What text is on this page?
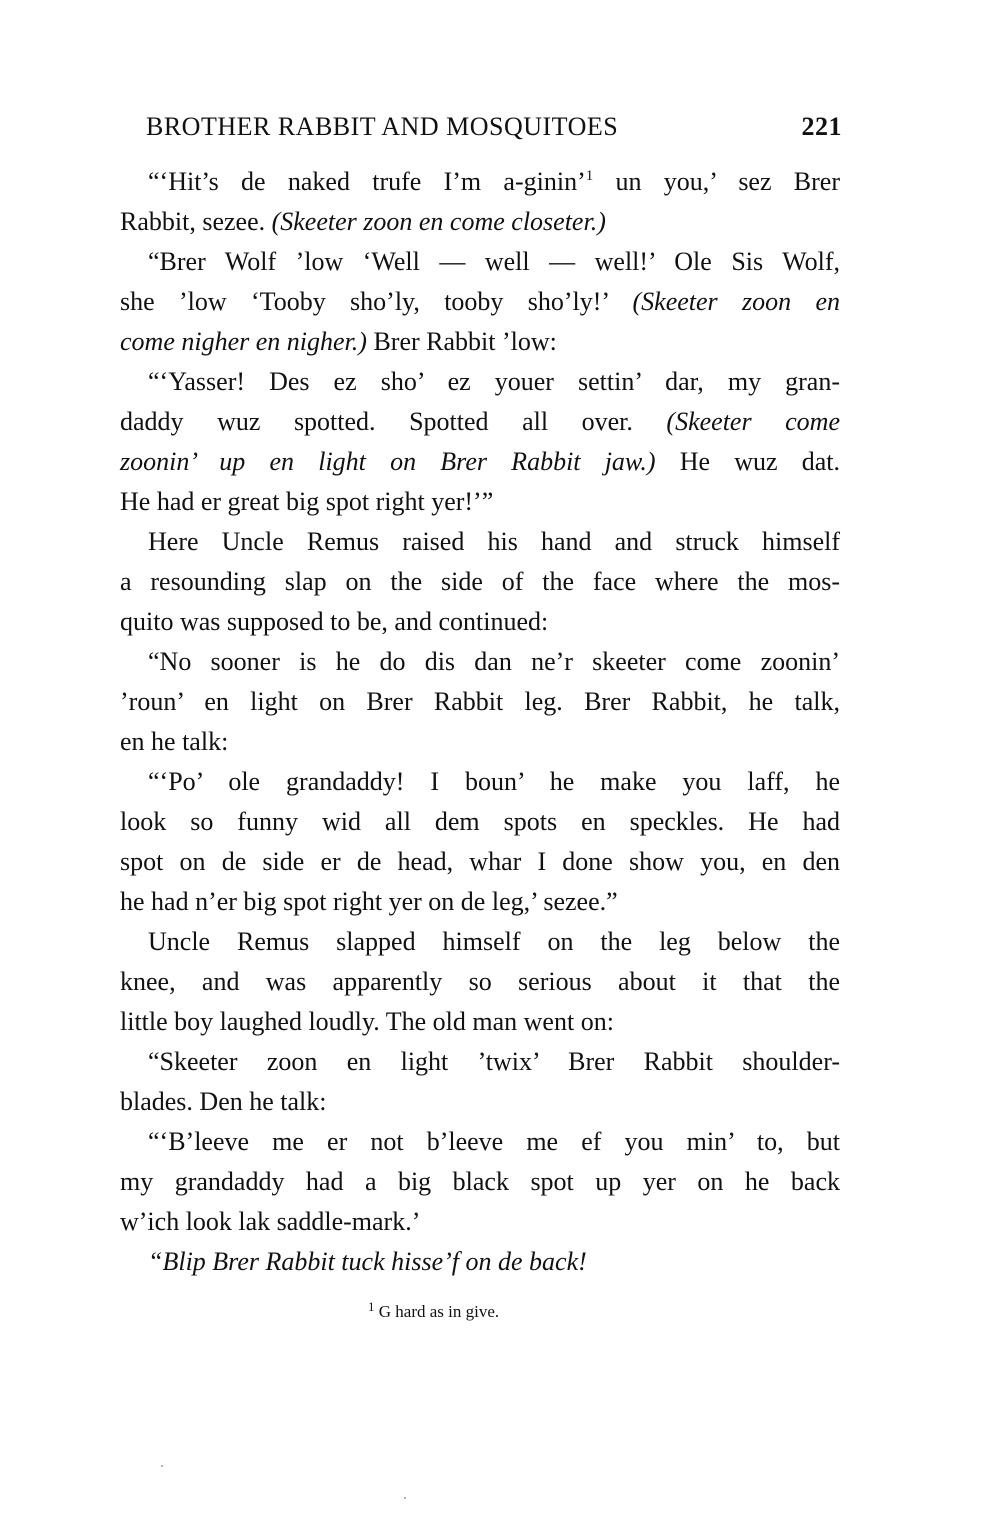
BROTHER RABBIT AND MOSQUITOES	221
“‘Hit’s de naked trufe I’m a-ginin’$^1$ un you,’ sez Brer
Rabbit, sezee. (Skeeter zoon en come closeter.)
“Brer Wolf ’low ‘Well — well — well!’ Ole Sis Wolf,
she ’low ‘Tooby sho’ly, tooby sho’ly!’ (Skeeter zoon en
come nigher en nigher.) Brer Rabbit ’low:
“‘Yasser! Des ez sho’ ez youer settin’ dar, my gran-
daddy wuz spotted. Spotted all over. (Skeeter come
zoonin’ up en light on Brer Rabbit jaw.) He wuz dat.
He had er great big spot right yer!’”
Here Uncle Remus raised his hand and struck himself
a resounding slap on the side of the face where the mos-
quito was supposed to be, and continued:
“No sooner is he do dis dan ne’r skeeter come zoonin’
’roun’ en light on Brer Rabbit leg. Brer Rabbit, he talk,
en he talk:
“‘Po’ ole grandaddy! I boun’ he make you laff, he
look so funny wid all dem spots en speckles. He had
spot on de side er de head, whar I done show you, en den
he had n’er big spot right yer on de leg,’ sezee.”
Uncle Remus slapped himself on the leg below the
knee, and was apparently so serious about it that the
little boy laughed loudly. The old man went on:
“Skeeter zoon en light ’twix’ Brer Rabbit shoulder-
blades. Den he talk:
“‘B’leeve me er not b’leeve me ef you min’ to, but
my grandaddy had a big black spot up yer on he back
w’ich look lak saddle-mark.’
“Blip Brer Rabbit tuck hisse’f on de back!
$^1$ G hard as in give.
